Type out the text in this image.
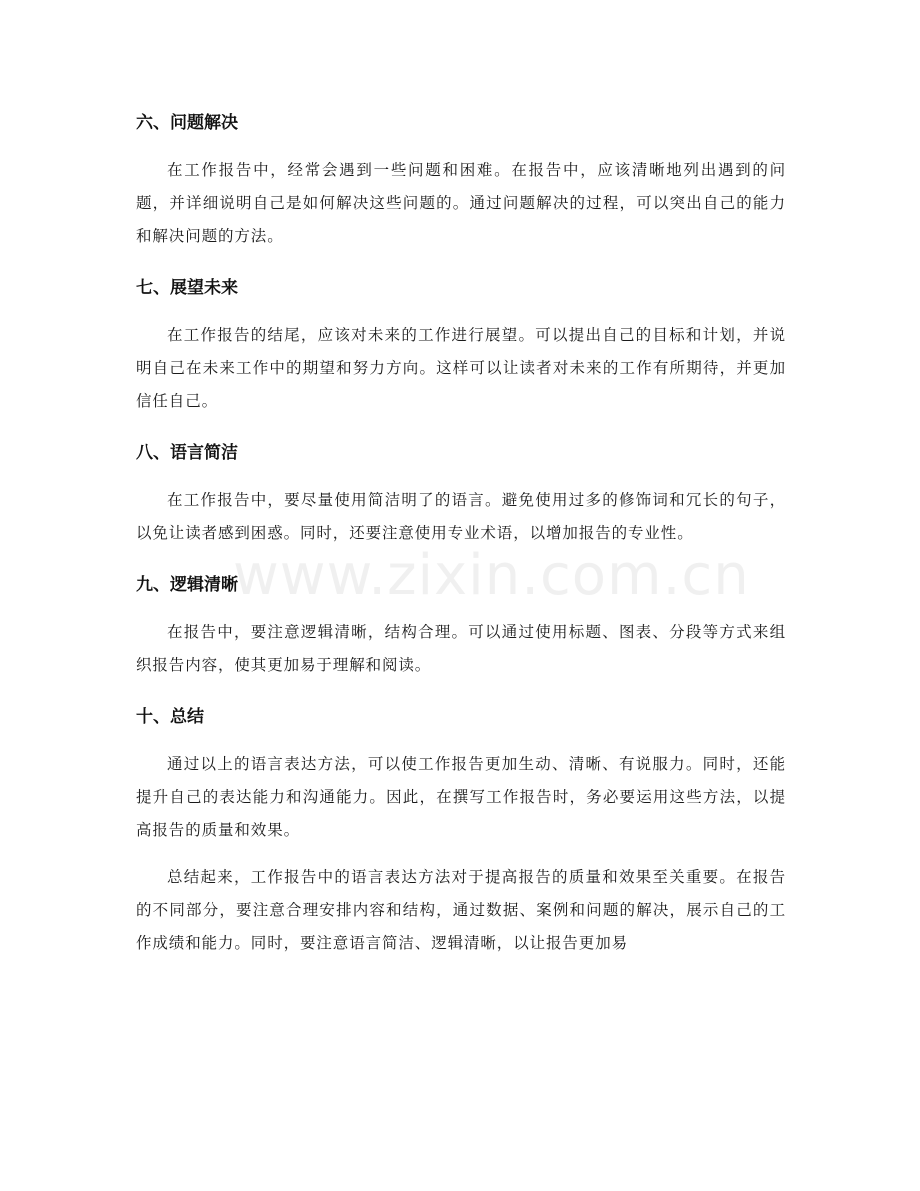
六、问题解决

在工作报告中，经常会遇到一些问题和困难。在报告中，应该清晰地列出遇到的问题，并详细说明自己是如何解决这些问题的。通过问题解决的过程，可以突出自己的能力和解决问题的方法。

七、展望未来

在工作报告的结尾，应该对未来的工作进行展望。可以提出自己的目标和计划，并说明自己在未来工作中的期望和努力方向。这样可以让读者对未来的工作有所期待，并更加信任自己。

八、语言简洁

在工作报告中，要尽量使用简洁明了的语言。避免使用过多的修饰词和冗长的句子，以免让读者感到困惑。同时，还要注意使用专业术语，以增加报告的专业性。

九、逻辑清晰

在报告中，要注意逻辑清晰，结构合理。可以通过使用标题、图表、分段等方式来组织报告内容，使其更加易于理解和阅读。

十、总结

通过以上的语言表达方法，可以使工作报告更加生动、清晰、有说服力。同时，还能提升自己的表达能力和沟通能力。因此，在撰写工作报告时，务必要运用这些方法，以提高报告的质量和效果。

总结起来，工作报告中的语言表达方法对于提高报告的质量和效果至关重要。在报告的不同部分，要注意合理安排内容和结构，通过数据、案例和问题的解决，展示自己的工作成绩和能力。同时，要注意语言简洁、逻辑清晰，以让报告更加易

www.zixin.com.cn
